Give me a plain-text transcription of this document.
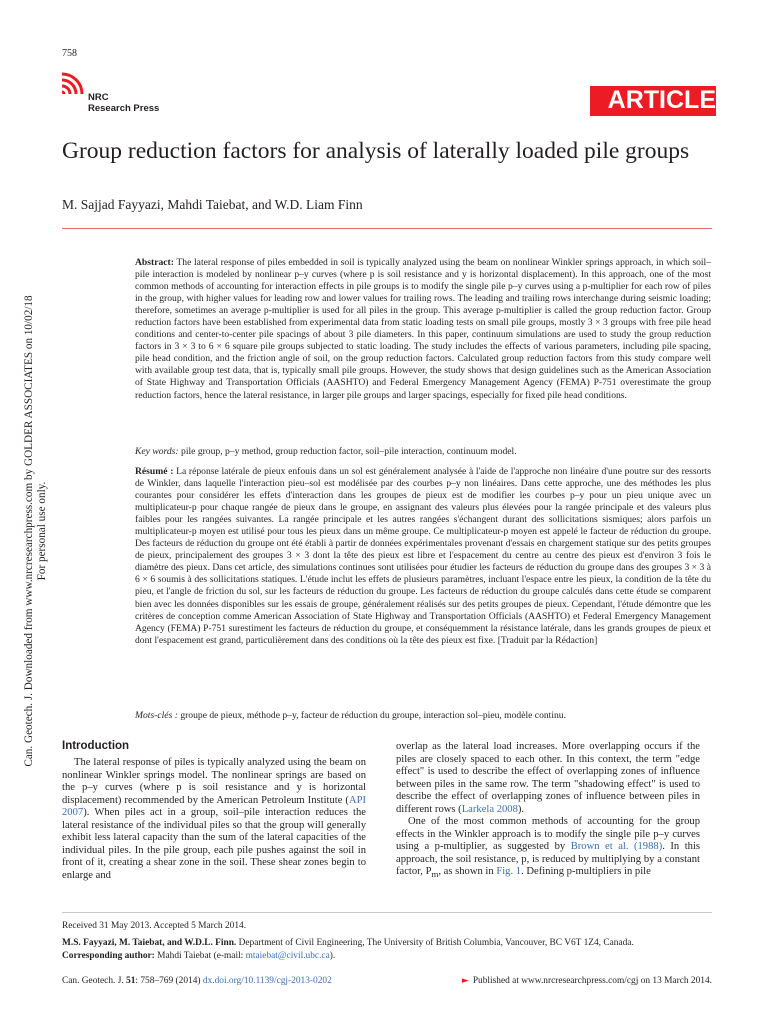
758
NRC
Research Press	ARTICLE
Group reduction factors for analysis of laterally loaded pile groups
M. Sajjad Fayyazi, Mahdi Taiebat, and W.D. Liam Finn
Can. Geotech. J. Downloaded from www.nrcresearchpress.com by GOLDER ASSOCIATES on 10/02/18
For personal use only.
Abstract: The lateral response of piles embedded in soil is typically analyzed using the beam on nonlinear Winkler springs approach, in which soil–pile interaction is modeled by nonlinear p–y curves (where p is soil resistance and y is horizontal displacement). In this approach, one of the most common methods of accounting for interaction effects in pile groups is to modify the single pile p–y curves using a p-multiplier for each row of piles in the group, with higher values for leading row and lower values for trailing rows. The leading and trailing rows interchange during seismic loading; therefore, sometimes an average p-multiplier is used for all piles in the group. This average p-multiplier is called the group reduction factor. Group reduction factors have been established from experimental data from static loading tests on small pile groups, mostly 3 × 3 groups with free pile head conditions and center-to-center pile spacings of about 3 pile diameters. In this paper, continuum simulations are used to study the group reduction factors in 3 × 3 to 6 × 6 square pile groups subjected to static loading. The study includes the effects of various parameters, including pile spacing, pile head condition, and the friction angle of soil, on the group reduction factors. Calculated group reduction factors from this study compare well with available group test data, that is, typically small pile groups. However, the study shows that design guidelines such as the American Association of State Highway and Transportation Officials (AASHTO) and Federal Emergency Management Agency (FEMA) P-751 overestimate the group reduction factors, hence the lateral resistance, in larger pile groups and larger spacings, especially for fixed pile head conditions.
Key words: pile group, p–y method, group reduction factor, soil–pile interaction, continuum model.
Résumé : La réponse latérale de pieux enfouis dans un sol est généralement analysée à l'aide de l'approche non linéaire d'une poutre sur des ressorts de Winkler, dans laquelle l'interaction pieu–sol est modélisée par des courbes p–y non linéaires. Dans cette approche, une des méthodes les plus courantes pour considérer les effets d'interaction dans les groupes de pieux est de modifier les courbes p–y pour un pieu unique avec un multiplicateur-p pour chaque rangée de pieux dans le groupe, en assignant des valeurs plus élevées pour la rangée principale et des valeurs plus faibles pour les rangées suivantes. La rangée principale et les autres rangées s'échangent durant des sollicitations sismiques; alors parfois un multiplicateur-p moyen est utilisé pour tous les pieux dans un même groupe. Ce multiplicateur-p moyen est appelé le facteur de réduction du groupe. Des facteurs de réduction du groupe ont été établi à partir de données expérimentales provenant d'essais en chargement statique sur des petits groupes de pieux, principalement des groupes 3 × 3 dont la tête des pieux est libre et l'espacement du centre au centre des pieux est d'environ 3 fois le diamètre des pieux. Dans cet article, des simulations continues sont utilisées pour étudier les facteurs de réduction du groupe dans des groupes 3 × 3 à 6 × 6 soumis à des sollicitations statiques. L'étude inclut les effets de plusieurs paramètres, incluant l'espace entre les pieux, la condition de la tête du pieu, et l'angle de friction du sol, sur les facteurs de réduction du groupe. Les facteurs de réduction du groupe calculés dans cette étude se comparent bien avec les données disponibles sur les essais de groupe, généralement réalisés sur des petits groupes de pieux. Cependant, l'étude démontre que les critères de conception comme American Association of State Highway and Transportation Officials (AASHTO) et Federal Emergency Management Agency (FEMA) P-751 surestiment les facteurs de réduction du groupe, et conséquemment la résistance latérale, dans les grands groupes de pieux et dont l'espacement est grand, particulièrement dans des conditions où la tête des pieux est fixe. [Traduit par la Rédaction]
Mots-clés : groupe de pieux, méthode p–y, facteur de réduction du groupe, interaction sol–pieu, modèle continu.
Introduction
The lateral response of piles is typically analyzed using the beam on nonlinear Winkler springs model. The nonlinear springs are based on the p–y curves (where p is soil resistance and y is horizontal displacement) recommended by the American Petroleum Institute (API 2007). When piles act in a group, soil–pile interaction reduces the lateral resistance of the individual piles so that the group will generally exhibit less lateral capacity than the sum of the lateral capacities of the individual piles. In the pile group, each pile pushes against the soil in front of it, creating a shear zone in the soil. These shear zones begin to enlarge and
overlap as the lateral load increases. More overlapping occurs if the piles are closely spaced to each other. In this context, the term "edge effect" is used to describe the effect of overlapping zones of influence between piles in the same row. The term "shadowing effect" is used to describe the effect of overlapping zones of influence between piles in different rows (Larkela 2008).
One of the most common methods of accounting for the group effects in the Winkler approach is to modify the single pile p–y curves using a p-multiplier, as suggested by Brown et al. (1988). In this approach, the soil resistance, p, is reduced by multiplying by a constant factor, $P_m$, as shown in Fig. 1. Defining p-multipliers in pile
Received 31 May 2013. Accepted 5 March 2014.
M.S. Fayyazi, M. Taiebat, and W.D.L. Finn. Department of Civil Engineering, The University of British Columbia, Vancouver, BC V6T 1Z4, Canada.
Corresponding author: Mahdi Taiebat (e-mail: mtaiebat@civil.ubc.ca).
Can. Geotech. J. 51: 758–769 (2014) dx.doi.org/10.1139/cgj-2013-0202	► Published at www.nrcresearchpress.com/cgj on 13 March 2014.
